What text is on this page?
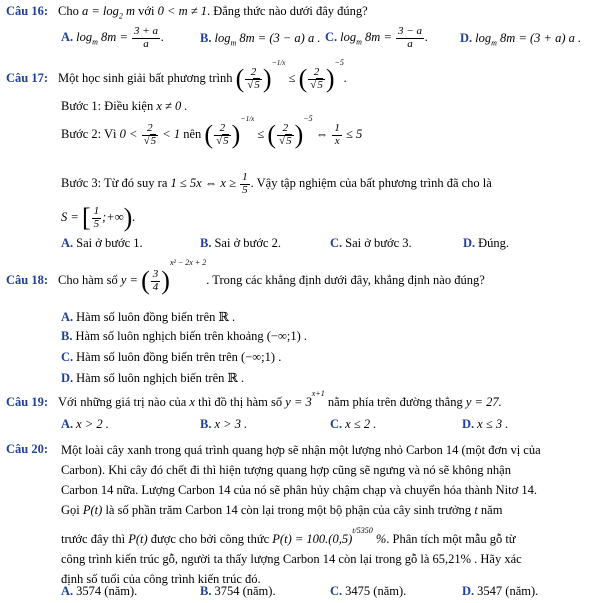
Câu 16: Cho $a = \log_2 m$ với 0 < m ≠ 1. Đẳng thức nào dưới đây đúng?
A. $\log_m 8m = \frac{3 + a}{a}$ .	B. $\log_m 8m = (3 - a)$ a . C. $\log_m 8m = \frac{3 - a}{a}$ .	D. $\log_m 8m = (3 + a)$ a .
Câu 17: Một học sinh giải bất phương trình ( $\frac{2}{√5} )^{-1/x}$ ≤ ( $\frac{2}{√5} )^{-5}$.
Bước 1: Điều kiện x ≠ 0 .
Bước 2: Vì $0 < \frac{2}{√5} < 1$ nên ( $\frac{2}{√5} )^{-1/x}$ ≤ ( $\frac{2}{√5} )^{-5}$ ⇔ $\frac{1}{x} \le 5$
Bước 3: Từ đó suy ra 1 ≤ 5x ⇔ $x \ge \frac{1}{5}$ . Vậy tập nghiệm của bất phương trình đã cho là
S = [ $\frac{1}{5}$ ;+∞).
A. Sai ở bước 1.	B. Sai ở bước 2.	C. Sai ở bước 3.	D. Đúng.
Câu 18: Cho hàm số y = ( $\frac{3}{4} )^{x^2 - 2x + 2}$. Trong các khẳng định dưới đây, khẳng định nào đúng?
A. Hàm số luôn đồng biến trên ℝ .
B. Hàm số luôn nghịch biến trên khoảng (−∞;1) .
C. Hàm số luôn đồng biến trên trên (−∞;1) .
D. Hàm số luôn nghịch biến trên ℝ .
Câu 19: Với những giá trị nào của x thì đồ thị hàm số $y = 3^{x+1}$ nằm phía trên đường thẳng y = 27.
A. x > 2 .	B. x > 3 .	C. x ≤ 2 .	D. x ≤ 3 .
Câu 20:	Một loài cây xanh trong quá trình quang hợp sẽ nhận một lượng nhỏ Carbon 14 (một đơn vị của
Carbon). Khi cây đó chết đi thì hiện tượng quang hợp cũng sẽ ngưng và nó sẽ không nhận
Carbon 14 nữa. Lượng Carbon 14 của nó sẽ phân hủy chậm chạp và chuyển hóa thành Nitơ 14.
Gọi P(t) là số phần trăm Carbon 14 còn lại trong một bộ phận của cây sinh trưởng t năm
trước đây thì P(t) được cho bởi công thức $P(t) = 100.(0,5)^{t/5350}$ %. Phân tích một mẫu gỗ từ
công trình kiến trúc gỗ, người ta thấy lượng Carbon 14 còn lại trong gỗ là 65,21% . Hãy xác
định số tuổi của công trình kiến trúc đó.
A. 3574 (năm).	B. 3754 (năm).	C. 3475 (năm).	D. 3547 (năm).
